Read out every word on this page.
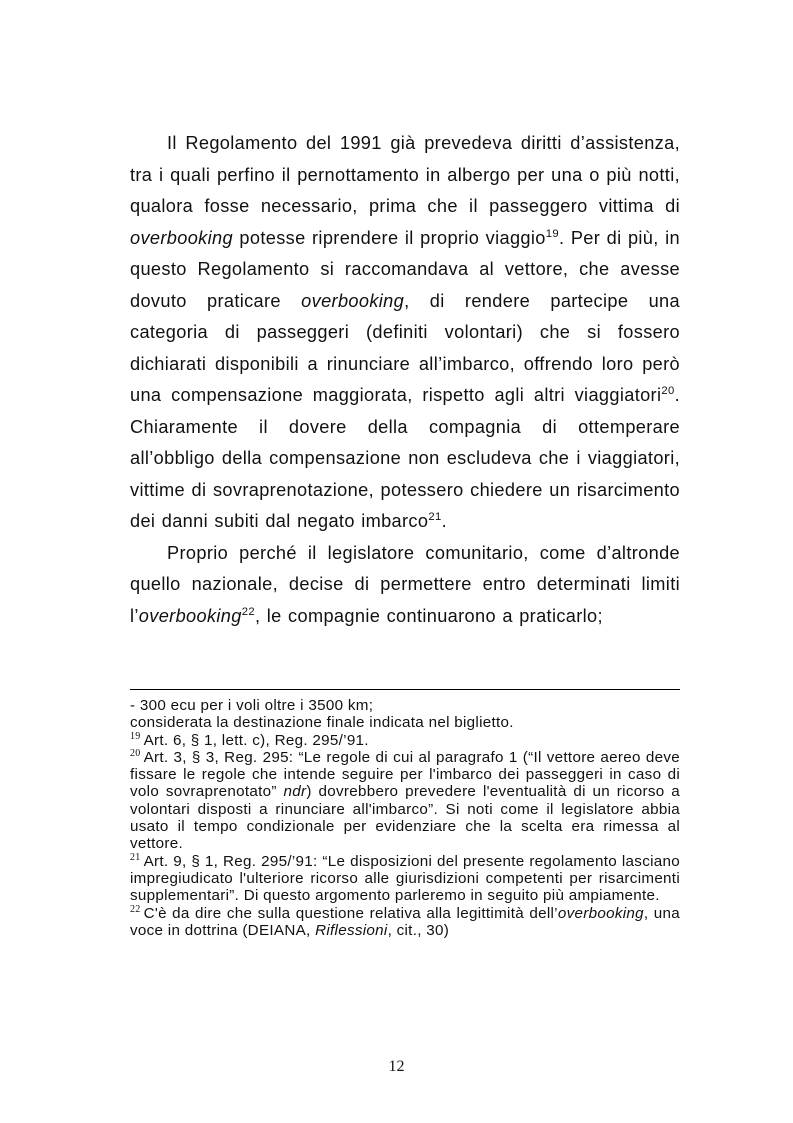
Il Regolamento del 1991 già prevedeva diritti d’assistenza, tra i quali perfino il pernottamento in albergo per una o più notti, qualora fosse necessario, prima che il passeggero vittima di overbooking potesse riprendere il proprio viaggio$^{19}$. Per di più, in questo Regolamento si raccomandava al vettore, che avesse dovuto praticare overbooking, di rendere partecipe una categoria di passeggeri (definiti volontari) che si fossero dichiarati disponibili a rinunciare all’imbarco, offrendo loro però una compensazione maggiorata, rispetto agli altri viaggiatori$^{20}$. Chiaramente il dovere della compagnia di ottemperare all’obbligo della compensazione non escludeva che i viaggiatori, vittime di sovraprenotazione, potessero chiedere un risarcimento dei danni subiti dal negato imbarco$^{21}$.

Proprio perché il legislatore comunitario, come d’altronde quello nazionale, decise di permettere entro determinati limiti l’overbooking$^{22}$, le compagnie continuarono a praticarlo;

- 300 ecu per i voli oltre i 3500 km;

considerata la destinazione finale indicata nel biglietto.

$^{19}$ Art. 6, § 1, lett. c), Reg. 295/’91.

$^{20}$ Art. 3, § 3, Reg. 295: “Le regole di cui al paragrafo 1 (“Il vettore aereo deve fissare le regole che intende seguire per l'imbarco dei passeggeri in caso di volo sovraprenotato” ndr) dovrebbero prevedere l'eventualità di un ricorso a volontari disposti a rinunciare all'imbarco”. Si noti come il legislatore abbia usato il tempo condizionale per evidenziare che la scelta era rimessa al vettore.

$^{21}$ Art. 9, § 1, Reg. 295/’91: “Le disposizioni del presente regolamento lasciano impregiudicato l'ulteriore ricorso alle giurisdizioni competenti per risarcimenti supplementari”. Di questo argomento parleremo in seguito più ampiamente.

$^{22}$ C'è da dire che sulla questione relativa alla legittimità dell’overbooking, una voce in dottrina (DEIANA, Riflessioni, cit., 30)

12
